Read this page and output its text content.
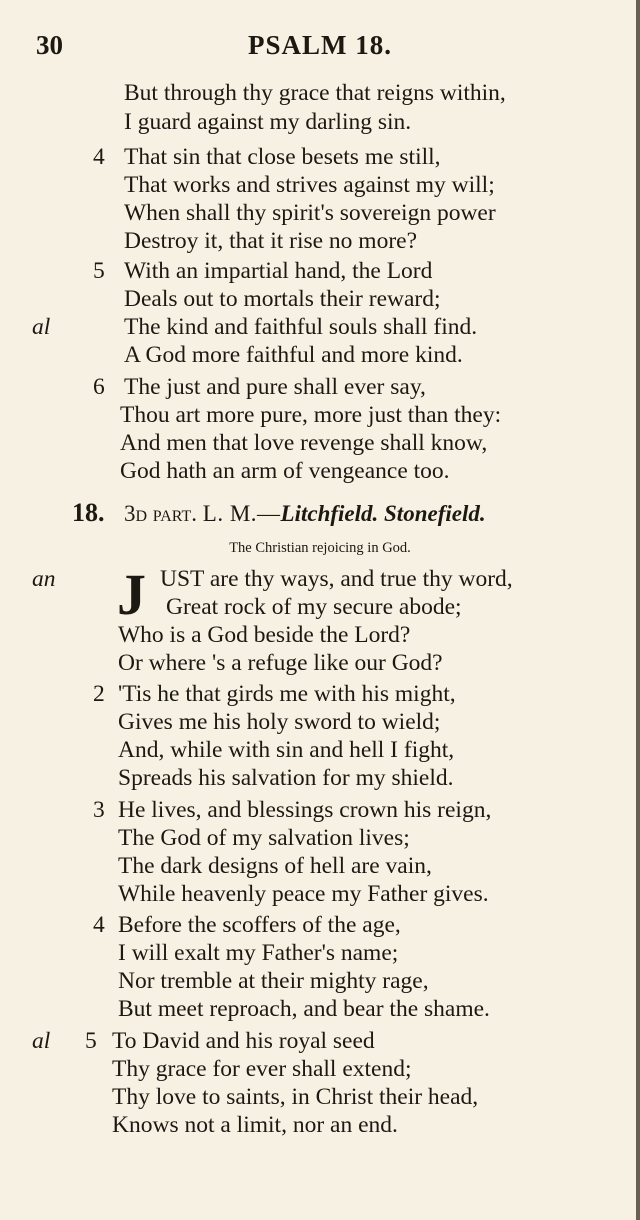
30	PSALM 18.
But through thy grace that reigns within,
I guard against my darling sin.
4 That sin that close besets me still,
That works and strives against my will;
When shall thy spirit's sovereign power
Destroy it, that it rise no more?
5
al
With an impartial hand, the Lord
Deals out to mortals their reward;
The kind and faithful souls shall find.
A God more faithful and more kind.
6 The just and pure shall ever say,
Thou art more pure, more just than they:
And men that love revenge shall know,
God hath an arm of vengeance too.
18. 3d part. L. M.—Litchfield. Stonefield.
The Christian rejoicing in God.
an J UST are thy ways, and true thy word,
Great rock of my secure abode;
Who is a God beside the Lord?
Or where 's a refuge like our God?
2 'Tis he that girds me with his might,
Gives me his holy sword to wield;
And, while with sin and hell I fight,
Spreads his salvation for my shield.
3 He lives, and blessings crown his reign,
The God of my salvation lives;
The dark designs of hell are vain,
While heavenly peace my Father gives.
4 Before the scoffers of the age,
I will exalt my Father's name;
Nor tremble at their mighty rage,
But meet reproach, and bear the shame.
al 5 To David and his royal seed
Thy grace for ever shall extend;
Thy love to saints, in Christ their head,
Knows not a limit, nor an end.
